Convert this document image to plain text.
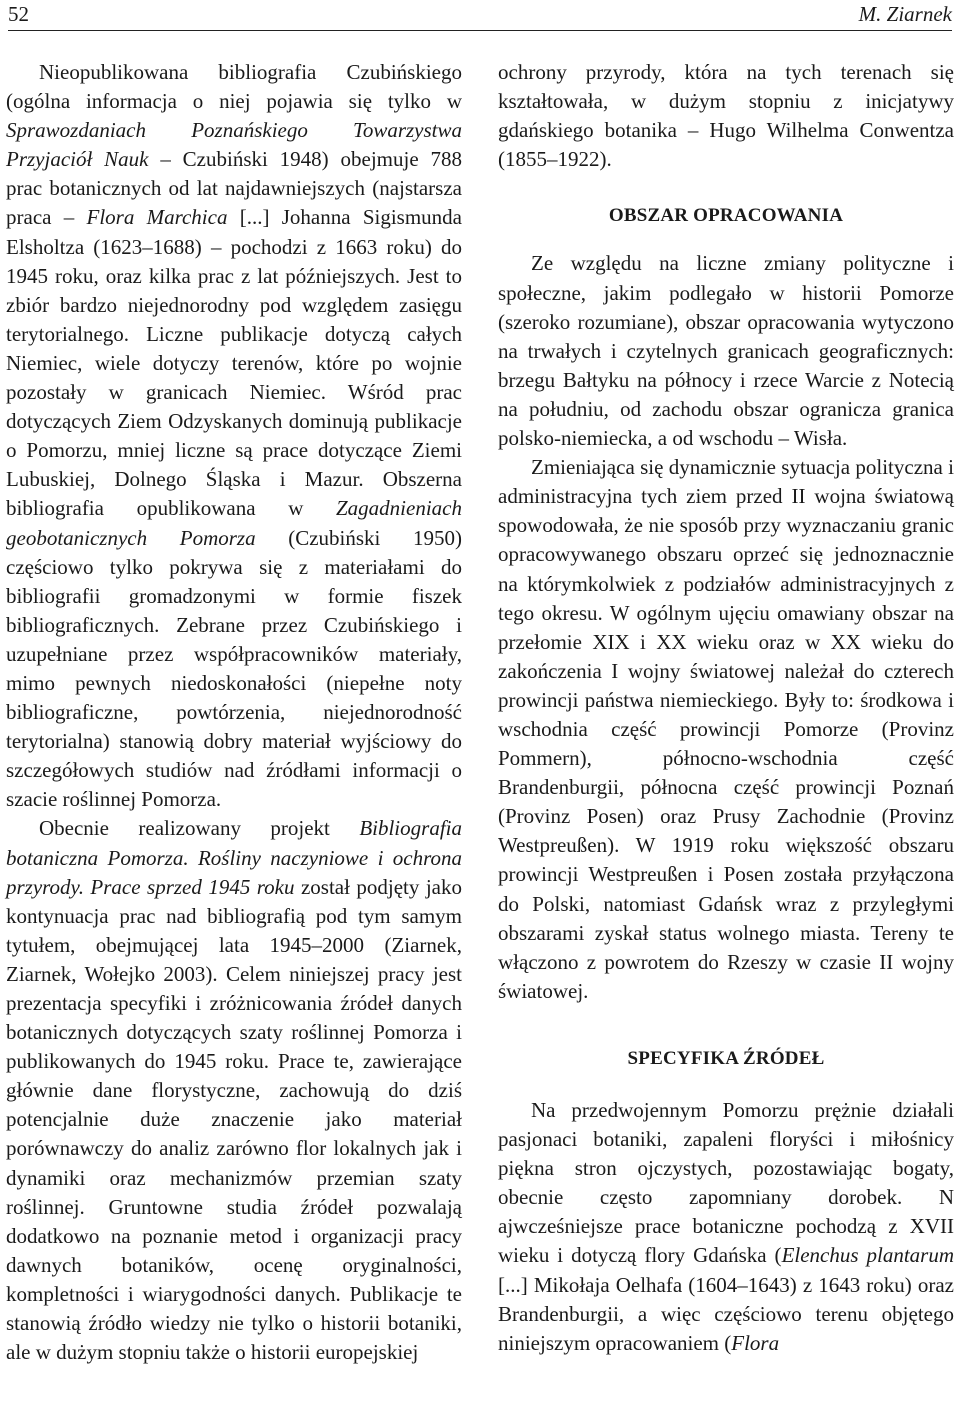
52	M. Ziarnek

Nieopublikowana bibliografia Czubińskiego (ogólna informacja o niej pojawia się tylko w Sprawozdaniach Poznańskiego Towarzystwa Przyjaciół Nauk – Czubiński 1948) obejmuje 788 prac botanicznych od lat najdawniejszych (najstarsza praca – Flora Marchica [...] Johanna Sigismunda Elsholtza (1623–1688) – pochodzi z 1663 roku) do 1945 roku, oraz kilka prac z lat późniejszych. Jest to zbiór bardzo niejednorodny pod względem zasięgu terytorialnego. Liczne publikacje dotyczą całych Niemiec, wiele dotyczy terenów, które po wojnie pozostały w granicach Niemiec. Wśród prac dotyczących Ziem Odzyskanych dominują publikacje o Pomorzu, mniej liczne są prace dotyczące Ziemi Lubuskiej, Dolnego Śląska i Mazur. Obszerna bibliografia opublikowana w Zagadnieniach geobotanicznych Pomorza (Czubiński 1950) częściowo tylko pokrywa się z materiałami do bibliografii gromadzonymi w formie fiszek bibliograficznych. Zebrane przez Czubińskiego i uzupełniane przez współpracowników materiały, mimo pewnych niedoskonałości (niepełne noty bibliograficzne, powtórzenia, niejednorodność terytorialna) stanowią dobry materiał wyjściowy do szczegółowych studiów nad źródłami informacji o szacie roślinnej Pomorza.

Obecnie realizowany projekt Bibliografia botaniczna Pomorza. Rośliny naczyniowe i ochrona przyrody. Prace sprzed 1945 roku został podjęty jako kontynuacja prac nad bibliografią pod tym samym tytułem, obejmującej lata 1945–2000 (Ziarnek, Ziarnek, Wołejko 2003). Celem niniejszej pracy jest prezentacja specyfiki i zróżnicowania źródeł danych botanicznych dotyczących szaty roślinnej Pomorza i publikowanych do 1945 roku. Prace te, zawierające głównie dane florystyczne, zachowują do dziś potencjalnie duże znaczenie jako materiał porównawczy do analiz zarówno flor lokalnych jak i dynamiki oraz mechanizmów przemian szaty roślinnej. Gruntowne studia źródeł pozwalają dodatkowo na poznanie metod i organizacji pracy dawnych botaników, ocenę oryginalności, kompletności i wiarygodności danych. Publikacje te stanowią źródło wiedzy nie tylko o historii botaniki, ale w dużym stopniu także o historii europejskiej

ochrony przyrody, która na tych terenach się kształtowała, w dużym stopniu z inicjatywy gdańskiego botanika – Hugo Wilhelma Conwentza (1855–1922).

OBSZAR OPRACOWANIA

Ze względu na liczne zmiany polityczne i społeczne, jakim podlegało w historii Pomorze (szeroko rozumiane), obszar opracowania wytyczono na trwałych i czytelnych granicach geograficznych: brzegu Bałtyku na północy i rzece Warcie z Notecią na południu, od zachodu obszar ogranicza granica polsko-niemiecka, a od wschodu – Wisła.

Zmieniająca się dynamicznie sytuacja polityczna i administracyjna tych ziem przed II wojna światową spowodowała, że nie sposób przy wyznaczaniu granic opracowywanego obszaru oprzeć się jednoznacznie na którymkolwiek z podziałów administracyjnych z tego okresu. W ogólnym ujęciu omawiany obszar na przełomie XIX i XX wieku oraz w XX wieku do zakończenia I wojny światowej należał do czterech prowincji państwa niemieckiego. Były to: środkowa i wschodnia część prowincji Pomorze (Provinz Pommern), północno-wschodnia część Brandenburgii, północna część prowincji Poznań (Provinz Posen) oraz Prusy Zachodnie (Provinz Westpreußen). W 1919 roku większość obszaru prowincji Westpreußen i Posen została przyłączona do Polski, natomiast Gdańsk wraz z przyległymi obszarami zyskał status wolnego miasta. Tereny te włączono z powrotem do Rzeszy w czasie II wojny światowej.

SPECYFIKA ŹRÓDEŁ

Na przedwojennym Pomorzu prężnie działali pasjonaci botaniki, zapaleni floryści i miłośnicy piękna stron ojczystych, pozostawiając bogaty, obecnie często zapomniany dorobek. N ajwcześniejsze prace botaniczne pochodzą z XVII wieku i dotyczą flory Gdańska (Elenchus plantarum [...] Mikołaja Oelhafa (1604–1643) z 1643 roku) oraz Brandenburgii, a więc częściowo terenu objętego niniejszym opracowaniem (Flora
